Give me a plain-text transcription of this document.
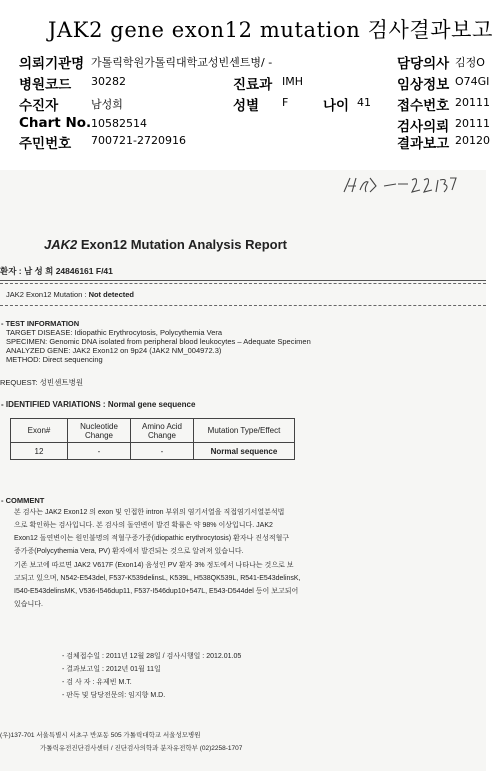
JAK2 gene exon12 mutation 검사결과보고
의뢰기관명 가톨릭학원가톨릭대학교성빈센트병/ -	담당의사 김정O
병원코드 30282	진료과 IMH	임상정보 O74GI
수진자	남성희	성별 F	나이 41 접수번호 20111
Chart No. 10582514	검사의뢰 20111
주민번호 700721-2720916	결과보고 20120
JAK2 Exon12 Mutation Analysis Report
환자 : 남 성 희 24846161 F/41
JAK2 Exon12 Mutation : Not detected
- TEST INFORMATION
TARGET DISEASE: Idiopathic Erythrocytosis, Polycythemia Vera
SPECIMEN: Genomic DNA isolated from peripheral blood leukocytes – Adequate Specimen
ANALYZED GENE: JAK2 Exon12 on 9p24 (JAK2 NM_004972.3)
METHOD: Direct sequencing
REQUEST: 성빈센트병원
- IDENTIFIED VARIATIONS : Normal gene sequence
Exon#	Nucleotide Change	Amino Acid Change	Mutation Type/Effect
12	-	-	Normal sequence
- COMMENT
본 검사는 JAK2 Exon12 의 exon 및 인접한 intron 부위의 염기서열을 직접염기서열분석법
으로 확인하는 검사입니다. 본 검사의 돌연변이 발견 확률은 약 98% 이상입니다. JAK2
Exon12 돌연변이는 원인불명의 적혈구증가증(idiopathic erythrocytosis) 환자나 진성적혈구
증가증(Polycythemia Vera, PV) 환자에서 발견되는 것으로 알려져 있습니다.
기존 보고에 따르면 JAK2 V617F (Exon14) 음성인 PV 환자 3% 정도에서 나타나는 것으로 보
고되고 있으며, N542-E543del, F537-K539delinsL, K539L, H538QK539L, R541-E543delinsK,
I540-E543delinsMK, V536-I546dup11, F537-I546dup10+547L, E543-D544del 등이 보고되어
있습니다.
- 검체접수일 : 2011년 12월 28일 / 검사시행일 : 2012.01.05
- 결과보고일 : 2012년 01월 11일
- 검 사 자 : 유제빈 M.T.
- 판독 및 담당전문의: 임지향 M.D.
(우)137-701 서울특별시 서초구 반포동 505 가톨릭대학교 서울성모병원
가톨릭유전진단검사센터 / 진단검사의학과 분자유전학부 (02)2258-1707
